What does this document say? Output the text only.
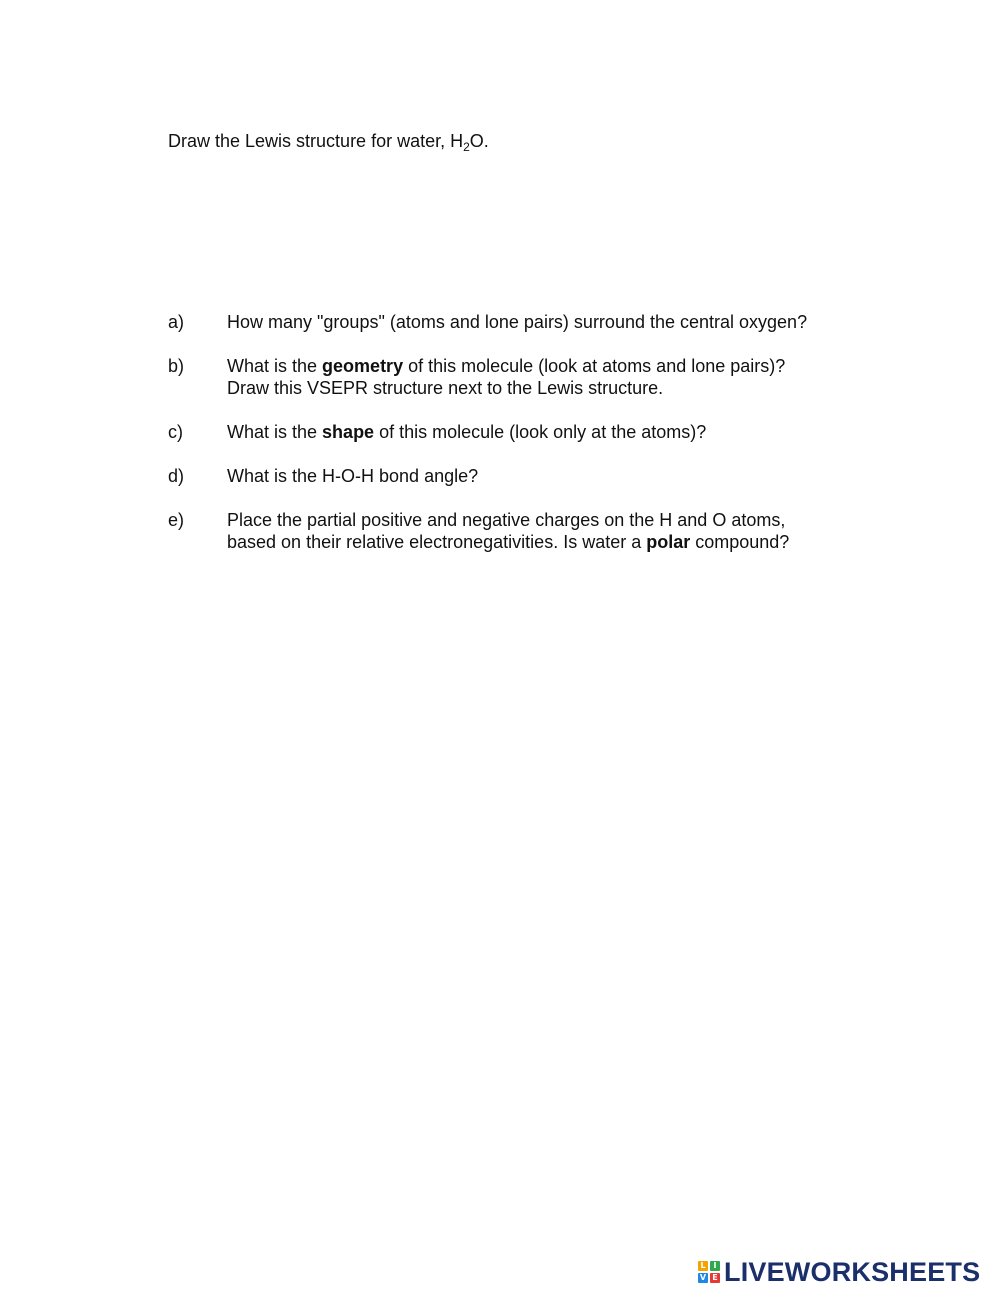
Draw the Lewis structure for water, $H_2O$.
a)	How many "groups" (atoms and lone pairs) surround the central oxygen?
b)	What is the geometry of this molecule (look at atoms and lone pairs)? Draw this VSEPR structure next to the Lewis structure.
c)	What is the shape of this molecule (look only at the atoms)?
d)	What is the H-O-H bond angle?
e)	Place the partial positive and negative charges on the H and O atoms, based on their relative electronegativities. Is water a polar compound?
L I
V E LIVEWORKSHEETS
